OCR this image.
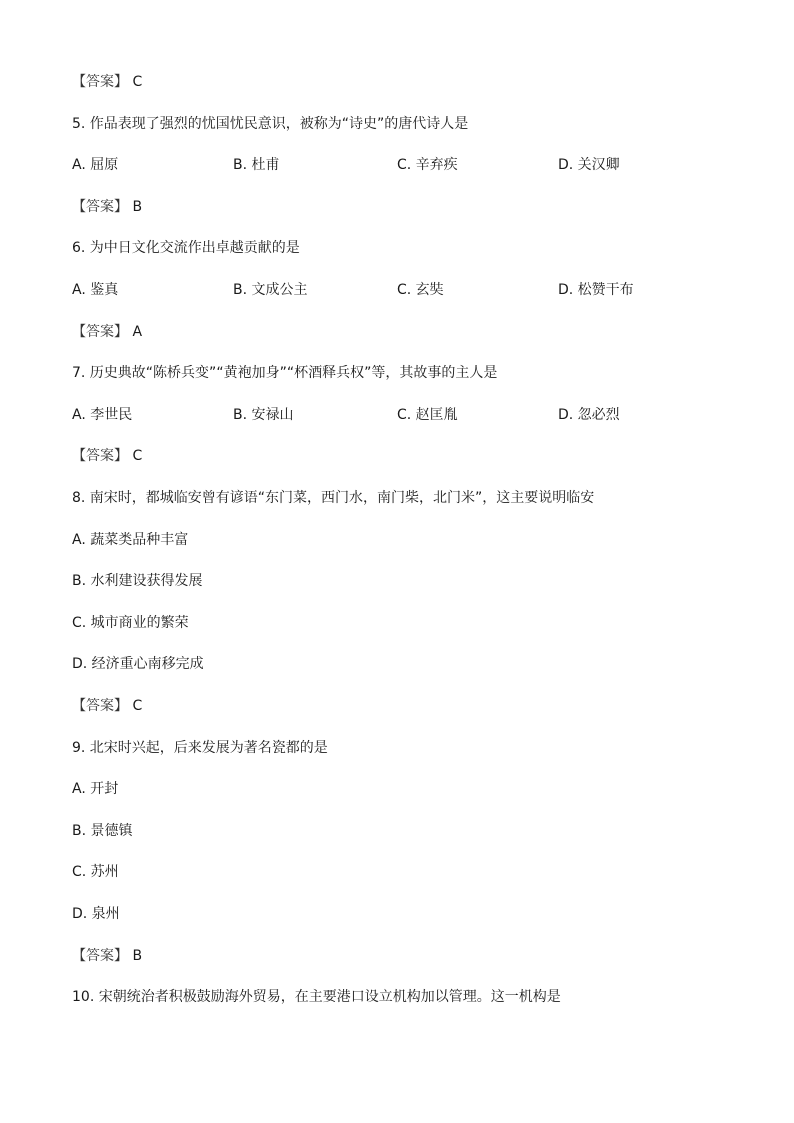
【答案】 C
5. 作品表现了强烈的忧国忧民意识，被称为“诗史”的唐代诗人是
A. 屈原	B. 杜甫	C. 辛弃疾	D. 关汉卿
【答案】 B
6. 为中日文化交流作出卓越贡献的是
A. 鉴真	B. 文成公主	C. 玄奘	D. 松赞干布
【答案】 A
7. 历史典故“陈桥兵变”“黄袍加身”“杯酒释兵权”等，其故事的主人是
A. 李世民	B. 安禄山	C. 赵匡胤	D. 忽必烈
【答案】 C
8. 南宋时，都城临安曾有谚语“东门菜，西门水，南门柴，北门米”，这主要说明临安
A. 蔬菜类品种丰富
B. 水利建设获得发展
C. 城市商业的繁荣
D. 经济重心南移完成
【答案】 C
9. 北宋时兴起，后来发展为著名瓷都的是
A. 开封
B. 景德镇
C. 苏州
D. 泉州
【答案】 B
10. 宋朝统治者积极鼓励海外贸易，在主要港口设立机构加以管理。这一机构是
